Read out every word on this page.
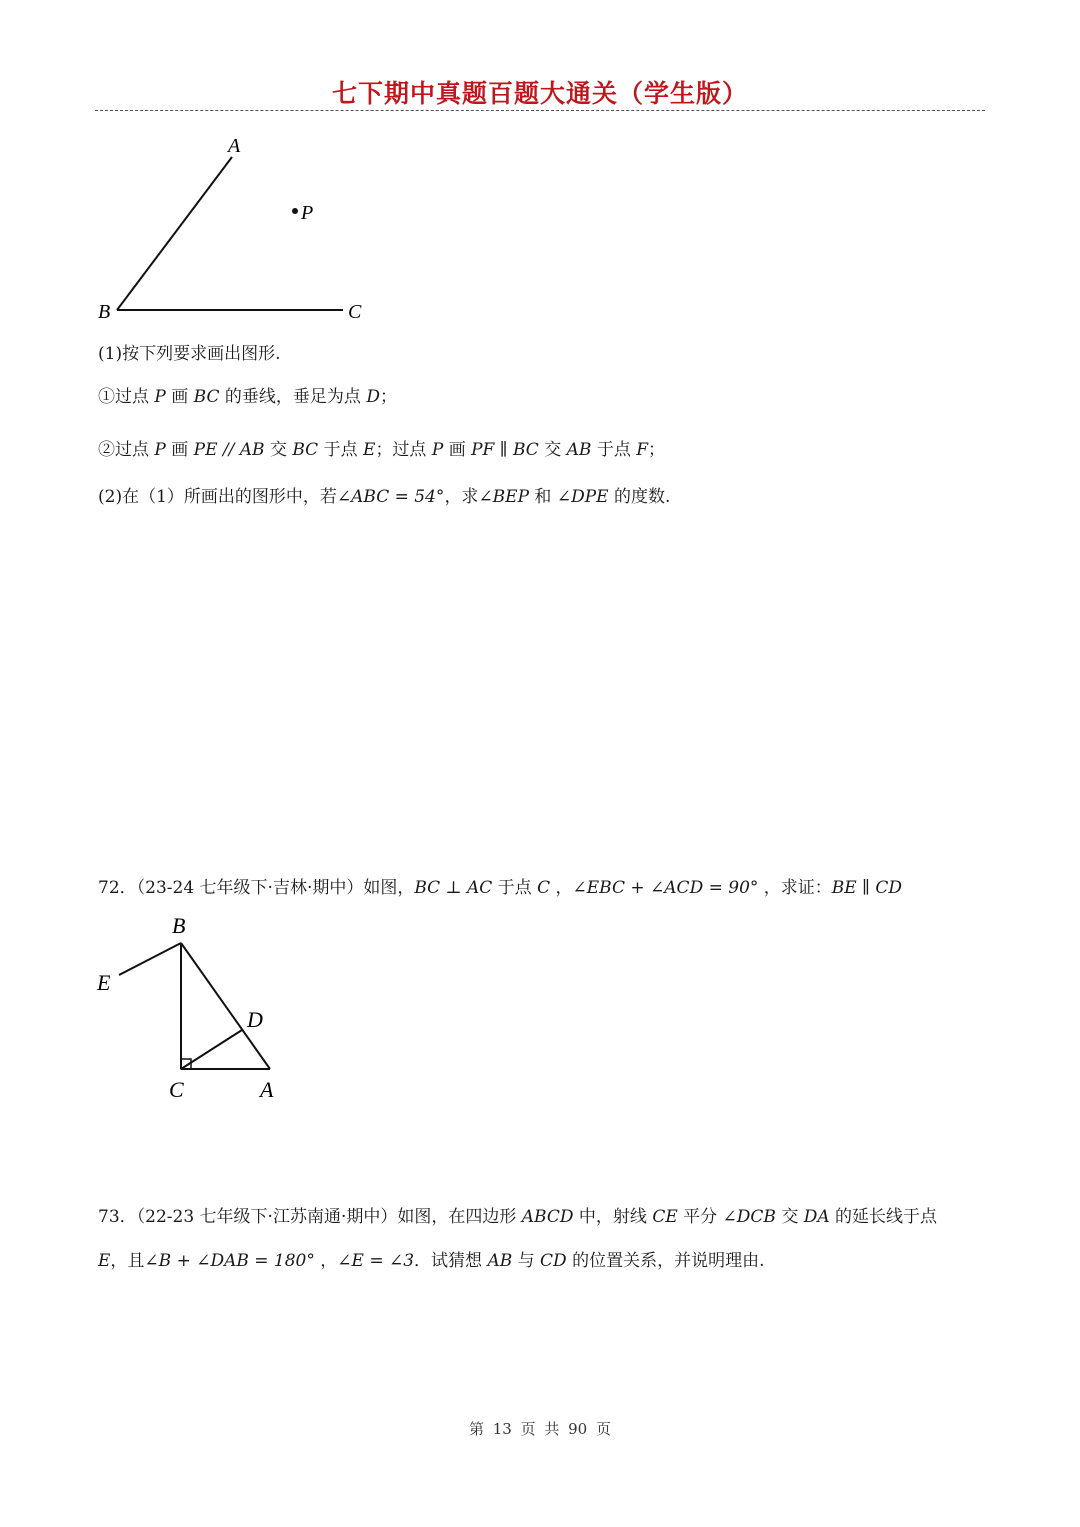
七下期中真题百题大通关（学生版）
A
P
B	C
(1)按下列要求画出图形.
①过点 P 画 BC 的垂线，垂足为点 D；
②过点 P 画 PE // AB 交 BC 于点 E；过点 P 画 PF ∥ BC 交 AB 于点 F；
(2)在（1）所画出的图形中，若∠ABC = 54°，求∠BEP 和 ∠DPE 的度数.
72．（23-24 七年级下·吉林·期中）如图，BC ⊥ AC 于点 C ，∠EBC + ∠ACD = 90° ，求证：BE ∥ CD
B
E
D
C	A
73．（22-23 七年级下·江苏南通·期中）如图，在四边形 ABCD 中，射线 CE 平分 ∠DCB 交 DA 的延长线于点
E，且∠B + ∠DAB = 180° ，∠E = ∠3．试猜想 AB 与 CD 的位置关系，并说明理由.
第 13 页 共 90 页
